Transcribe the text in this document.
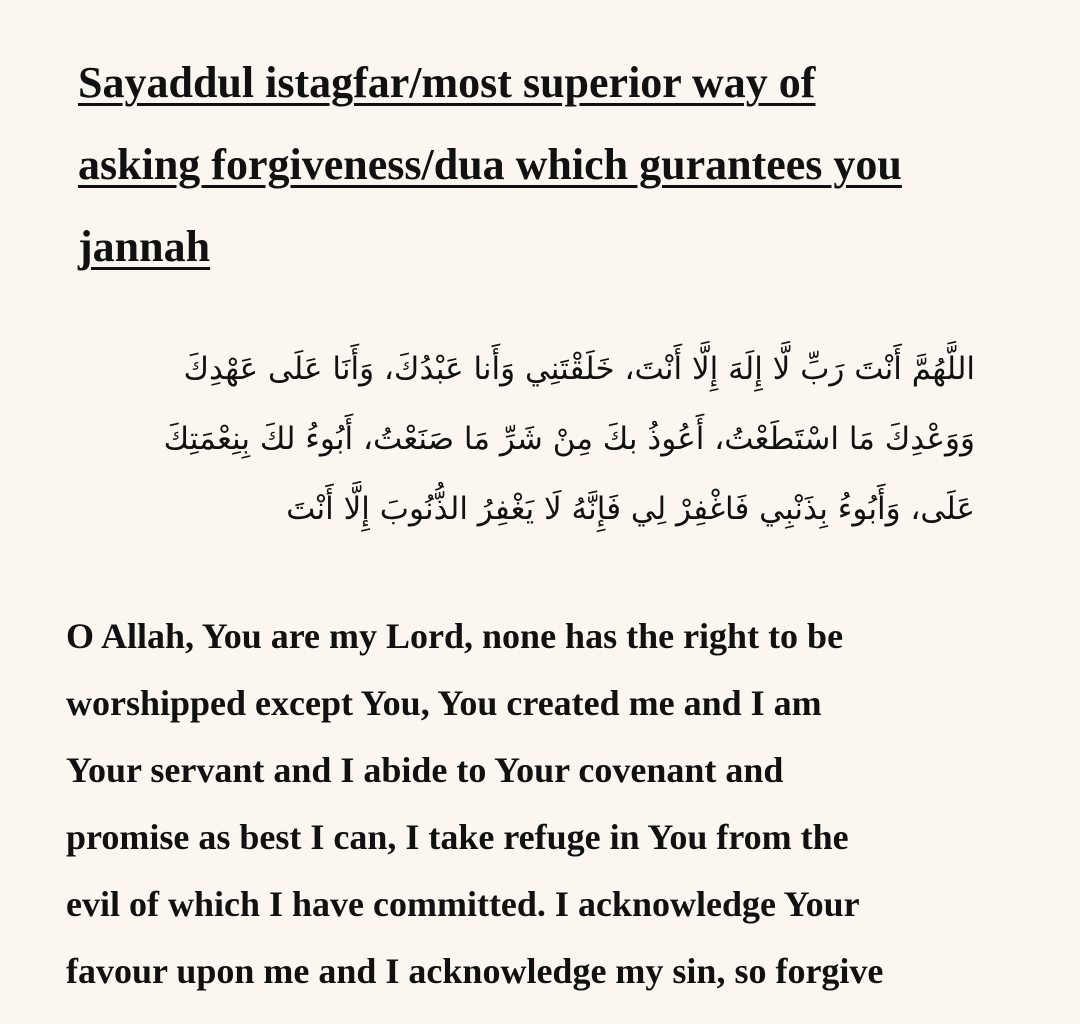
Sayaddul istagfar/most superior way of
asking forgiveness/dua which gurantees you
jannah

اللَّهُمَّ أَنْتَ رَبِّ لَّا إِلَهَ إِلَّا أَنْتَ، خَلَقْتَنِي وَأَنا عَبْدُكَ، وَأَنَا عَلَى عَهْدِكَ
وَوَعْدِكَ مَا اسْتَطَعْتُ، أَعُوذُ بكَ مِنْ شَرِّ مَا صَنَعْتُ، أَبُوءُ لكَ بِنِعْمَتِكَ
عَلَى، وَأَبُوءُ بِذَنْبِي فَاغْفِرْ لِي فَإِنَّهُ لَا يَغْفِرُ الذُّنُوبَ إِلَّا أَنْتَ

O Allah, You are my Lord, none has the right to be
worshipped except You, You created me and I am
Your servant and I abide to Your covenant and
promise as best I can, I take refuge in You from the
evil of which I have committed. I acknowledge Your
favour upon me and I acknowledge my sin, so forgive
